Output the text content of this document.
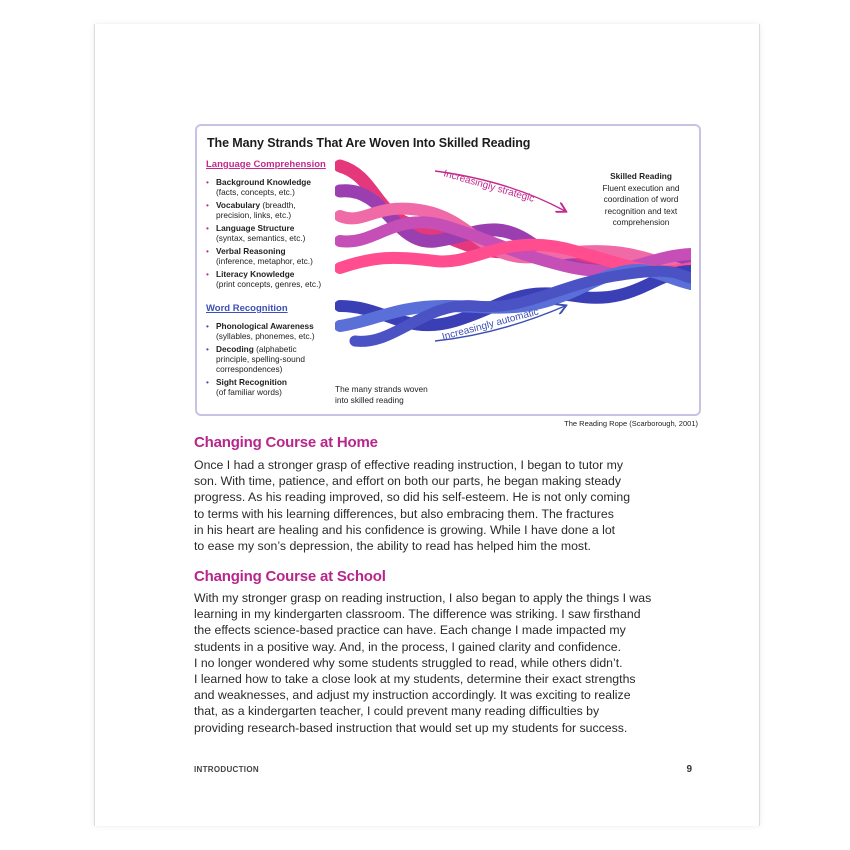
The Many Strands That Are Woven Into Skilled Reading
Language Comprehension
• Background Knowledge
(facts, concepts, etc.)
• Vocabulary (breadth,
precision, links, etc.)
• Language Structure
(syntax, semantics, etc.)
• Verbal Reasoning
(inference, metaphor, etc.)
• Literacy Knowledge
(print concepts, genres, etc.)
Word Recognition
• Phonological Awareness
(syllables, phonemes, etc.)
• Decoding (alphabetic
principle, spelling-sound
correspondences)
• Sight Recognition
(of familiar words)
Increasingly strategic
Increasingly automatic
Skilled Reading
Fluent execution and
coordination of word
recognition and text
comprehension
The many strands woven
into skilled reading
The Reading Rope (Scarborough, 2001)
Changing Course at Home
Once I had a stronger grasp of effective reading instruction, I began to tutor my
son. With time, patience, and effort on both our parts, he began making steady
progress. As his reading improved, so did his self-esteem. He is not only coming
to terms with his learning differences, but also embracing them. The fractures
in his heart are healing and his confidence is growing. While I have done a lot
to ease my son’s depression, the ability to read has helped him the most.
Changing Course at School
With my stronger grasp on reading instruction, I also began to apply the things I was
learning in my kindergarten classroom. The difference was striking. I saw firsthand
the effects science-based practice can have. Each change I made impacted my
students in a positive way. And, in the process, I gained clarity and confidence.
I no longer wondered why some students struggled to read, while others didn’t.
I learned how to take a close look at my students, determine their exact strengths
and weaknesses, and adjust my instruction accordingly. It was exciting to realize
that, as a kindergarten teacher, I could prevent many reading difficulties by
providing research-based instruction that would set up my students for success.
INTRODUCTION	9
